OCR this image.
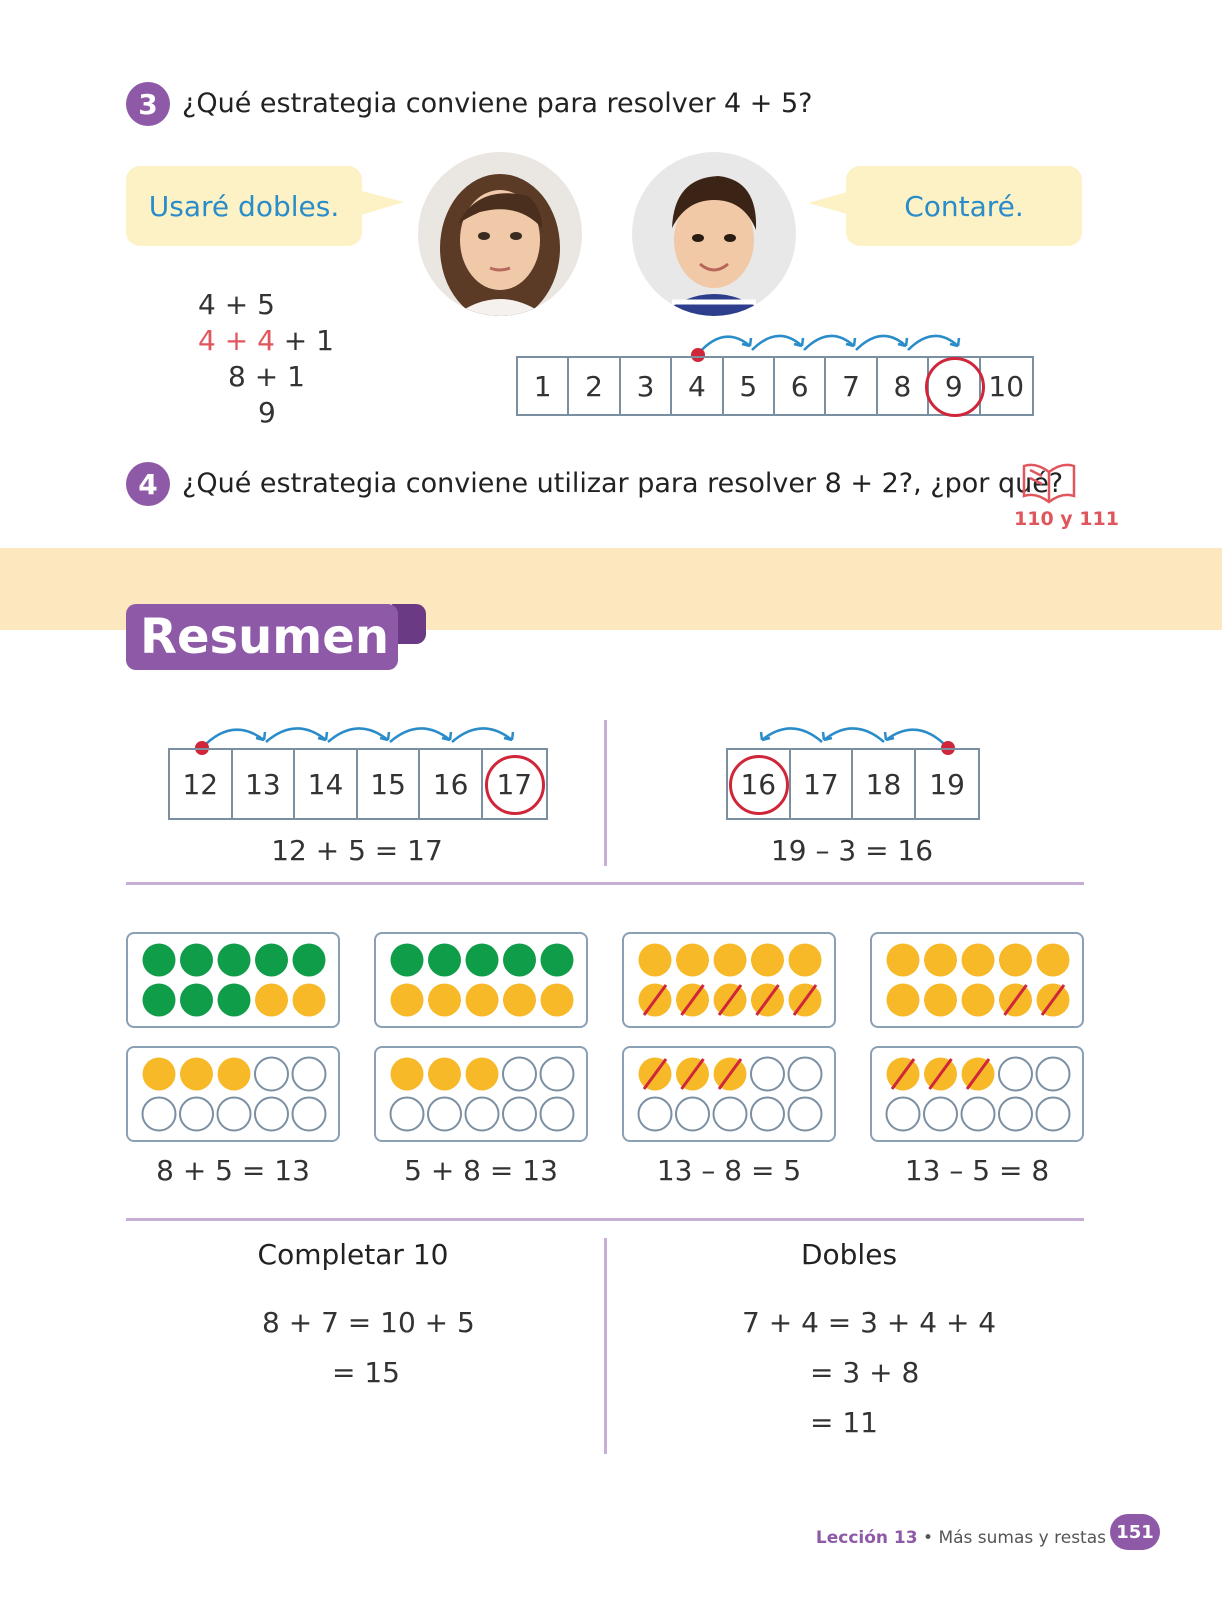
3 ¿Qué estrategia conviene para resolver 4 + 5?
Usaré dobles.	Contaré.
4 + 5
4 + 4 + 1
8 + 1
9
1	2	3	4	5	6	7	8	9 10
4 ¿Qué estrategia conviene utilizar para resolver 8 + 2?, ¿por qué?
110 y 111
Resumen
12 13 14 15 16 17
12 + 5 = 17
16 17 18 19
19 – 3 = 16
8 + 5 = 13	5 + 8 = 13	13 – 8 = 5	13 – 5 = 8
Completar 10
8 + 7 = 10 + 5
= 15
Dobles
7 + 4 = 3 + 4 + 4
= 3 + 8
= 11
Lección 13 • Más sumas y restas 151
